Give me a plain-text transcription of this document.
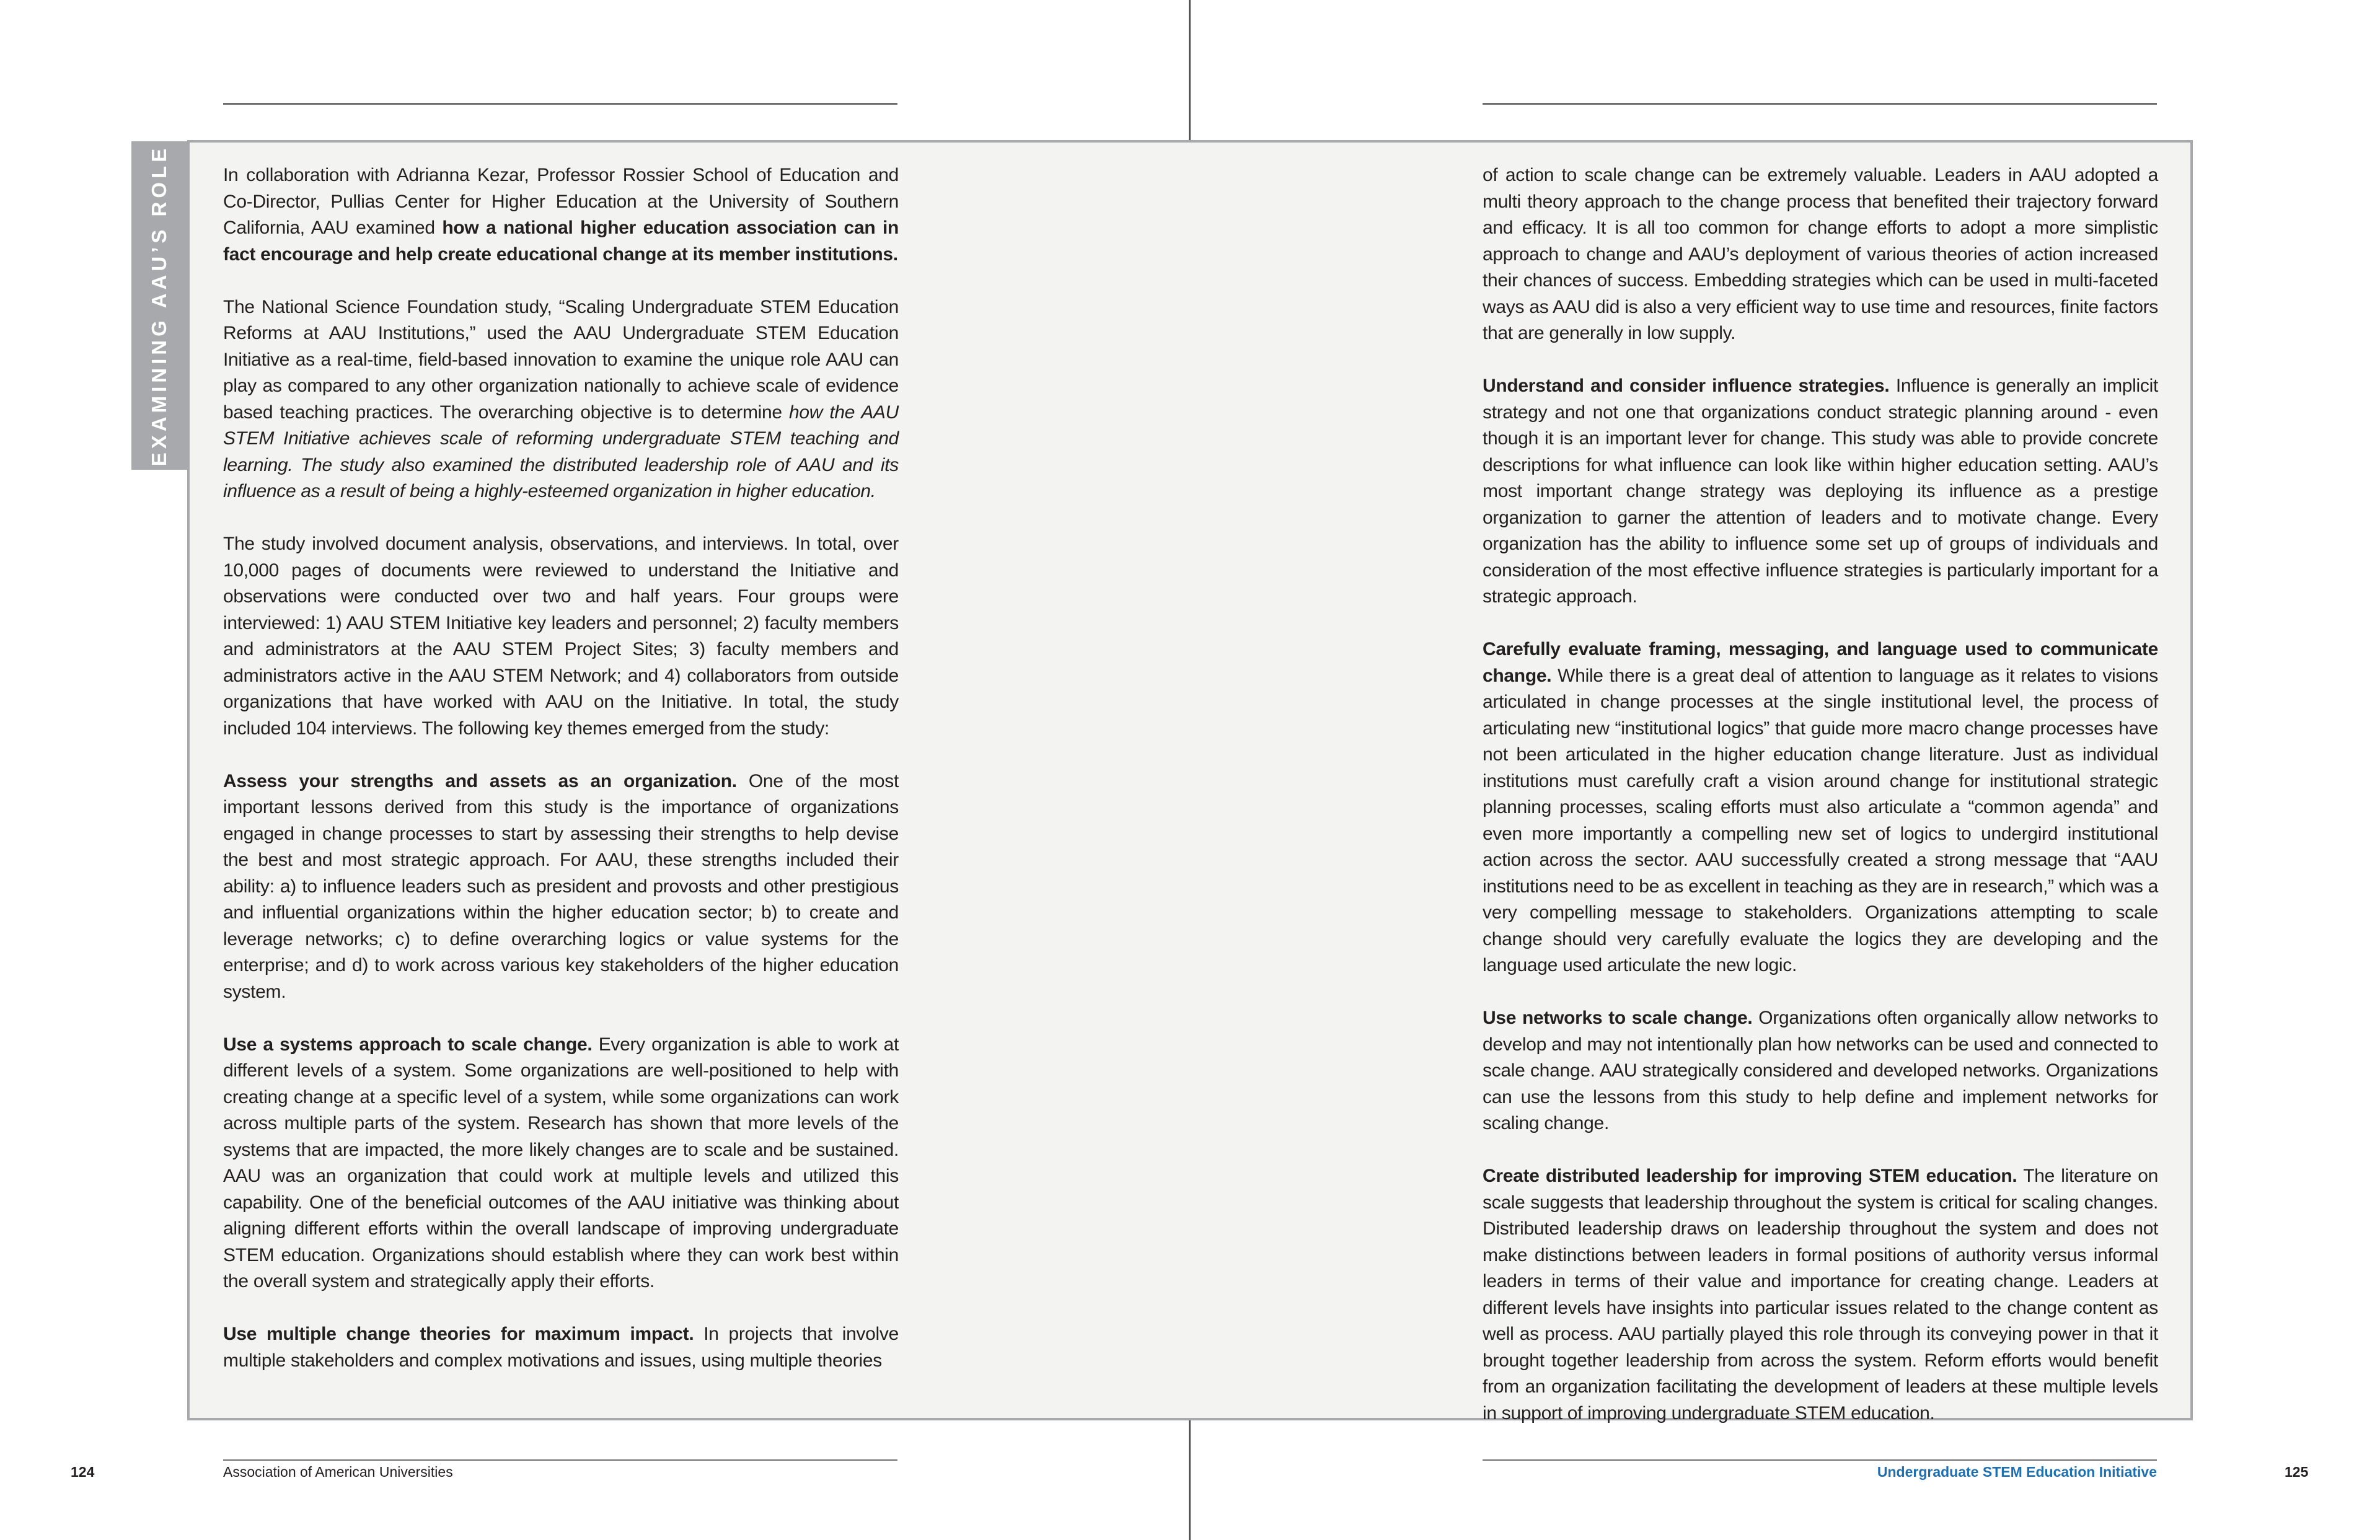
EXAMINING AAU’S ROLE	In collaboration with Adrianna Kezar, Professor Rossier School of Education and Co-Director, Pullias Center for Higher Education at the University of Southern California, AAU examined how a national higher education association can in fact encourage and help create educational change at its member institutions.

The National Science Foundation study, “Scaling Undergraduate STEM Education Reforms at AAU Institutions,” used the AAU Undergraduate STEM Education Initiative as a real-time, field-based innovation to examine the unique role AAU can play as compared to any other organization nationally to achieve scale of evidence based teaching practices. The overarching objective is to determine how the AAU STEM Initiative achieves scale of reforming undergraduate STEM teaching and learning. The study also examined the distributed leadership role of AAU and its influence as a result of being a highly-esteemed organization in higher education.

The study involved document analysis, observations, and interviews. In total, over 10,000 pages of documents were reviewed to understand the Initiative and observations were conducted over two and half years. Four groups were interviewed: 1) AAU STEM Initiative key leaders and personnel; 2) faculty members and administrators at the AAU STEM Project Sites; 3) faculty members and administrators active in the AAU STEM Network; and 4) collaborators from outside organizations that have worked with AAU on the Initiative. In total, the study included 104 interviews. The following key themes emerged from the study:

Assess your strengths and assets as an organization. One of the most important lessons derived from this study is the importance of organizations engaged in change processes to start by assessing their strengths to help devise the best and most strategic approach. For AAU, these strengths included their ability: a) to influence leaders such as president and provosts and other prestigious and influential organizations within the higher education sector; b) to create and leverage networks; c) to define overarching logics or value systems for the enterprise; and d) to work across various key stakeholders of the higher education system.

Use a systems approach to scale change. Every organization is able to work at different levels of a system. Some organizations are well-positioned to help with creating change at a specific level of a system, while some organizations can work across multiple parts of the system. Research has shown that more levels of the systems that are impacted, the more likely changes are to scale and be sustained. AAU was an organization that could work at multiple levels and utilized this capability. One of the beneficial outcomes of the AAU initiative was thinking about aligning different efforts within the overall landscape of improving undergraduate STEM education. Organizations should establish where they can work best within the overall system and strategically apply their efforts.

Use multiple change theories for maximum impact. In projects that involve multiple stakeholders and complex motivations and issues, using multiple theories

of action to scale change can be extremely valuable. Leaders in AAU adopted a multi theory approach to the change process that benefited their trajectory forward and efficacy. It is all too common for change efforts to adopt a more simplistic approach to change and AAU’s deployment of various theories of action increased their chances of success. Embedding strategies which can be used in multi-faceted ways as AAU did is also a very efficient way to use time and resources, finite factors that are generally in low supply.

Understand and consider influence strategies. Influence is generally an implicit strategy and not one that organizations conduct strategic planning around - even though it is an important lever for change. This study was able to provide concrete descriptions for what influence can look like within higher education setting. AAU’s most important change strategy was deploying its influence as a prestige organization to garner the attention of leaders and to motivate change. Every organization has the ability to influence some set up of groups of individuals and consideration of the most effective influence strategies is particularly important for a strategic approach.

Carefully evaluate framing, messaging, and language used to communicate change. While there is a great deal of attention to language as it relates to visions articulated in change processes at the single institutional level, the process of articulating new “institutional logics” that guide more macro change processes have not been articulated in the higher education change literature. Just as individual institutions must carefully craft a vision around change for institutional strategic planning processes, scaling efforts must also articulate a “common agenda” and even more importantly a compelling new set of logics to undergird institutional action across the sector. AAU successfully created a strong message that “AAU institutions need to be as excellent in teaching as they are in research,” which was a very compelling message to stakeholders. Organizations attempting to scale change should very carefully evaluate the logics they are developing and the language used articulate the new logic.

Use networks to scale change. Organizations often organically allow networks to develop and may not intentionally plan how networks can be used and connected to scale change. AAU strategically considered and developed networks. Organizations can use the lessons from this study to help define and implement networks for scaling change.

Create distributed leadership for improving STEM education. The literature on scale suggests that leadership throughout the system is critical for scaling changes. Distributed leadership draws on leadership throughout the system and does not make distinctions between leaders in formal positions of authority versus informal leaders in terms of their value and importance for creating change. Leaders at different levels have insights into particular issues related to the change content as well as process. AAU partially played this role through its conveying power in that it brought together leadership from across the system. Reform efforts would benefit from an organization facilitating the development of leaders at these multiple levels in support of improving undergraduate STEM education.

124	Association of American Universities	Undergraduate STEM Education Initiative	125
